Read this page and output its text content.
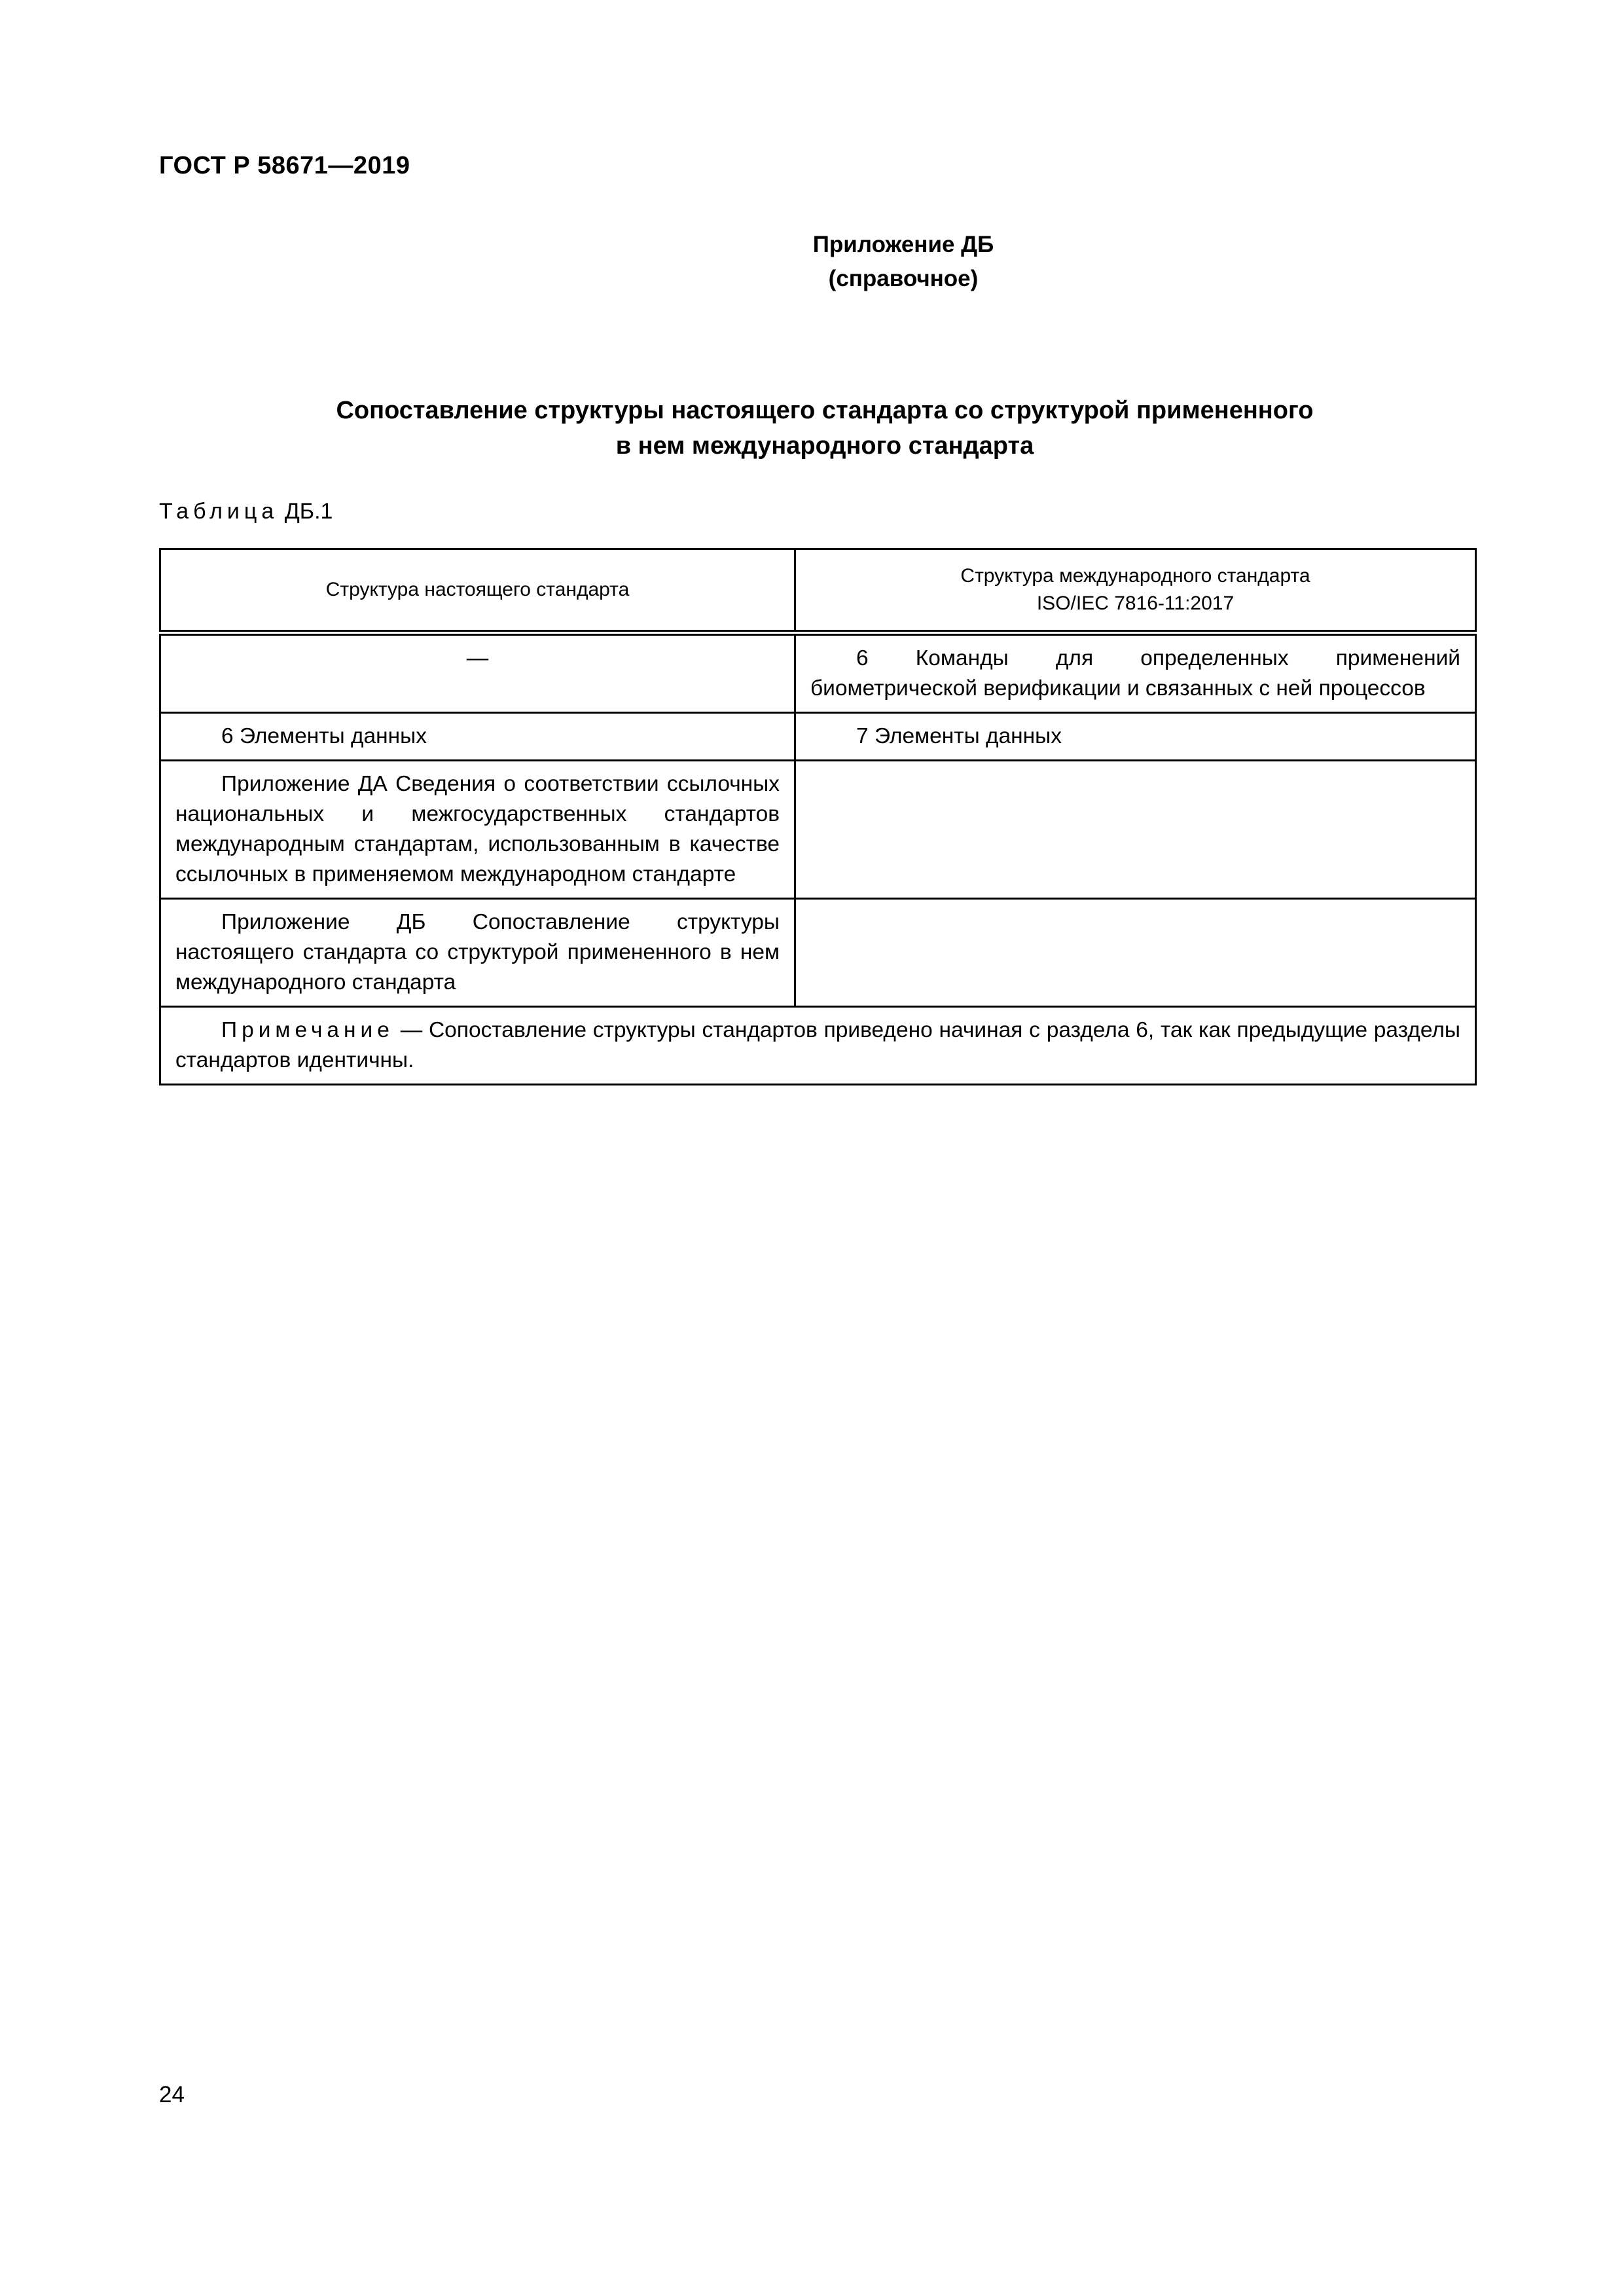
ГОСТ Р 58671—2019
Приложение ДБ
(справочное)
Сопоставление структуры настоящего стандарта со структурой примененного
в нем международного стандарта
Таблица ДБ.1
Структура настоящего стандарта	Структура международного стандарта
ISO/IEC 7816-11:2017

—	6 Команды для определенных применений биометрической верификации и связанных с ней процессов
6 Элементы данных	7 Элементы данных
Приложение ДА Сведения о соответствии ссылочных национальных и межгосударственных стандартов международным стандартам, использованным в качестве ссылочных в применяемом международном стандарте	
Приложение ДБ Сопоставление структуры настоящего стандарта со структурой примененного в нем международного стандарта	
Примечание — Сопоставление структуры стандартов приведено начиная с раздела 6, так как предыдущие разделы стандартов идентичны.	
24
